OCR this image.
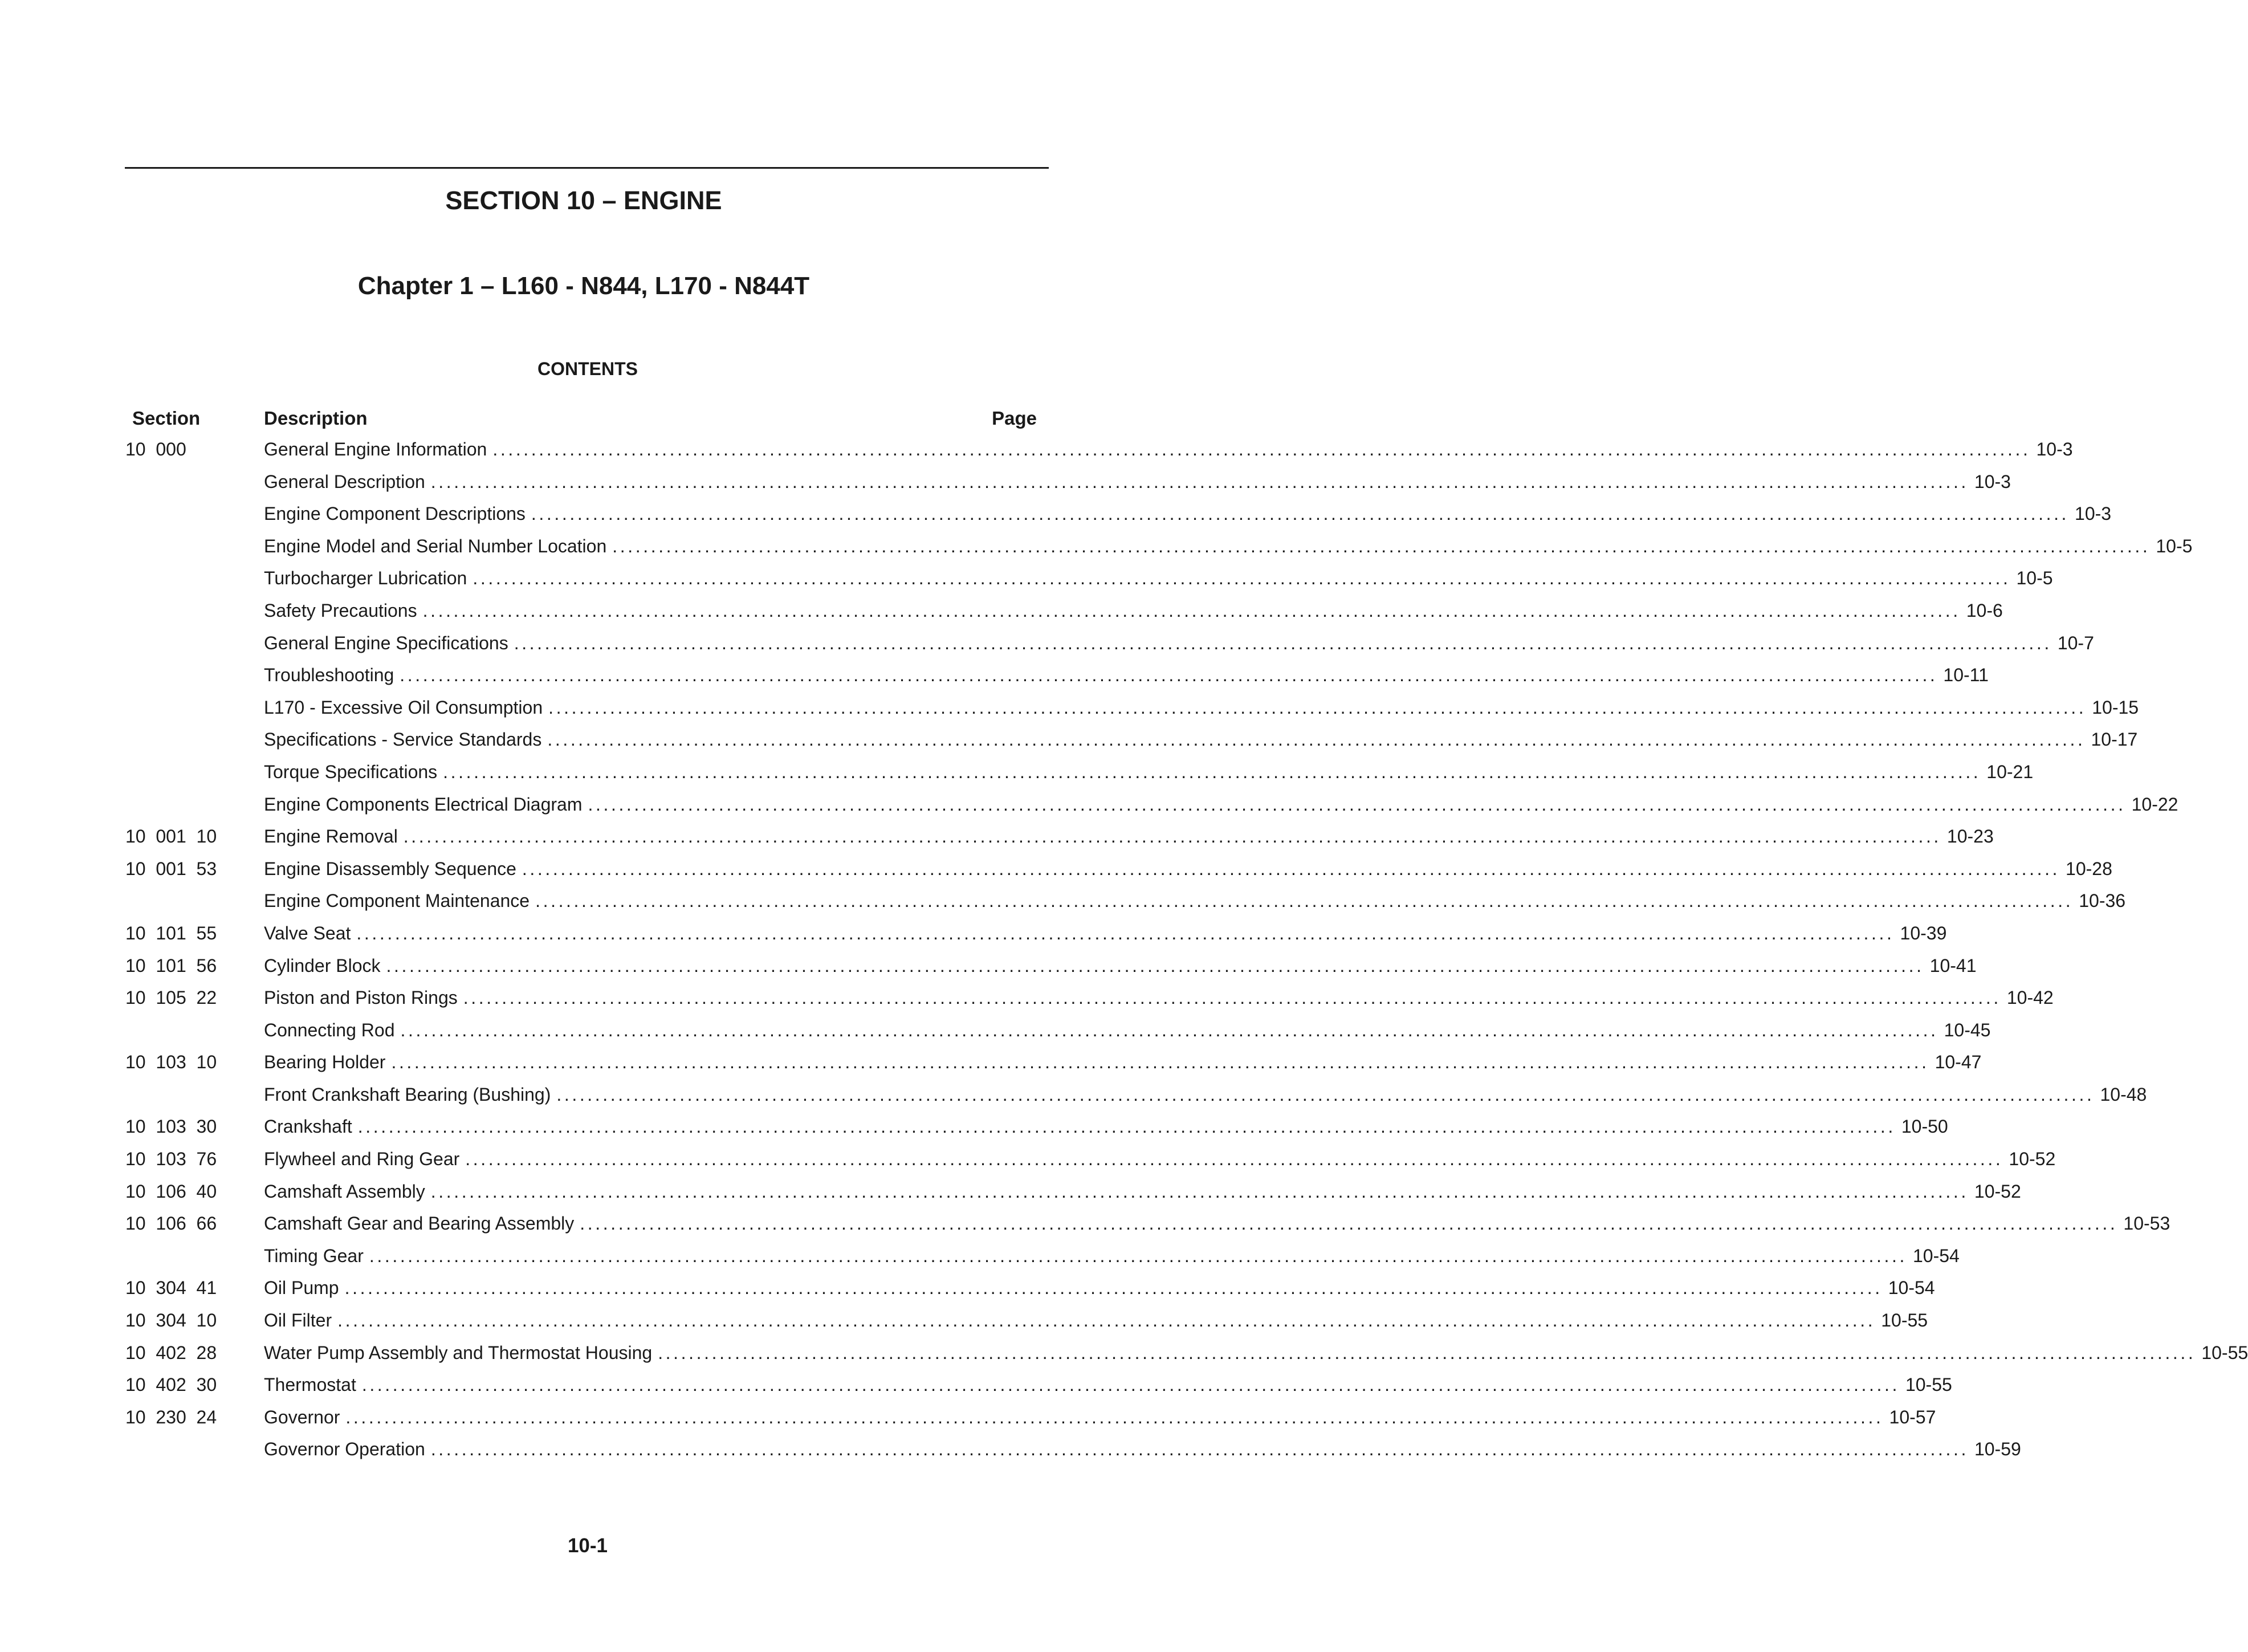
SECTION 10 – ENGINE
Chapter 1 – L160 - N844, L170 - N844T
CONTENTS
Section	Description	Page
10  000	General Engine Information ........................................................................................................................................................................................................ 10-3
General Description ........................................................................................................................................................................................................ 10-3
Engine Component Descriptions ........................................................................................................................................................................................................ 10-3
Engine Model and Serial Number Location ........................................................................................................................................................................................................ 10-5
Turbocharger Lubrication ........................................................................................................................................................................................................ 10-5
Safety Precautions ........................................................................................................................................................................................................ 10-6
General Engine Specifications ........................................................................................................................................................................................................ 10-7
Troubleshooting ........................................................................................................................................................................................................ 10-11
L170 - Excessive Oil Consumption ........................................................................................................................................................................................................ 10-15
Specifications - Service Standards ........................................................................................................................................................................................................ 10-17
Torque Specifications ........................................................................................................................................................................................................ 10-21
Engine Components Electrical Diagram ........................................................................................................................................................................................................ 10-22
10  001  10	Engine Removal ........................................................................................................................................................................................................ 10-23
10  001  53	Engine Disassembly Sequence ........................................................................................................................................................................................................ 10-28
Engine Component Maintenance ........................................................................................................................................................................................................ 10-36
10  101  55	Valve Seat ........................................................................................................................................................................................................ 10-39
10  101  56	Cylinder Block ........................................................................................................................................................................................................ 10-41
10  105  22	Piston and Piston Rings ........................................................................................................................................................................................................ 10-42
Connecting Rod ........................................................................................................................................................................................................ 10-45
10  103  10	Bearing Holder ........................................................................................................................................................................................................ 10-47
Front Crankshaft Bearing (Bushing) ........................................................................................................................................................................................................ 10-48
10  103  30	Crankshaft ........................................................................................................................................................................................................ 10-50
10  103  76	Flywheel and Ring Gear ........................................................................................................................................................................................................ 10-52
10  106  40	Camshaft Assembly ........................................................................................................................................................................................................ 10-52
10  106  66	Camshaft Gear and Bearing Assembly ........................................................................................................................................................................................................ 10-53
Timing Gear ........................................................................................................................................................................................................ 10-54
10  304  41	Oil Pump ........................................................................................................................................................................................................ 10-54
10  304  10	Oil Filter ........................................................................................................................................................................................................ 10-55
10  402  28	Water Pump Assembly and Thermostat Housing ........................................................................................................................................................................................................ 10-55
10  402  30	Thermostat ........................................................................................................................................................................................................ 10-55
10  230  24	Governor ........................................................................................................................................................................................................ 10-57
Governor Operation ........................................................................................................................................................................................................ 10-59
10-1
